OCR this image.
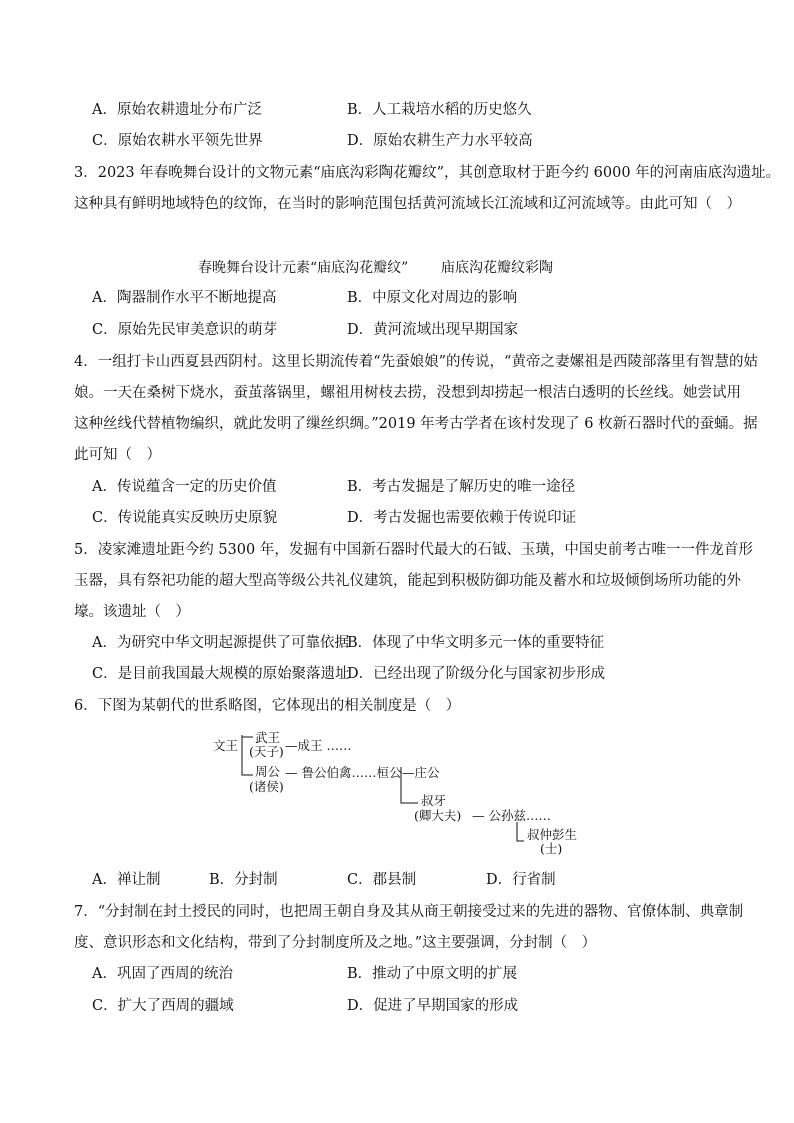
A．原始农耕遗址分布广泛	B．人工栽培水稻的历史悠久
C．原始农耕水平领先世界	D．原始农耕生产力水平较高
3．2023 年春晚舞台设计的文物元素“庙底沟彩陶花瓣纹”，其创意取材于距今约 6000 年的河南庙底沟遗址。
这种具有鲜明地域特色的纹饰，在当时的影响范围包括黄河流域长江流域和辽河流域等。由此可知（　）
春晚舞台设计元素“庙底沟花瓣纹” 庙底沟花瓣纹彩陶
A．陶器制作水平不断地提高	B．中原文化对周边的影响
C．原始先民审美意识的萌芽	D．黄河流域出现早期国家
4．一组打卡山西夏县西阴村。这里长期流传着“先蚕娘娘”的传说，“黄帝之妻嫘祖是西陵部落里有智慧的姑
娘。一天在桑树下烧水，蚕茧落锅里，螺祖用树枝去捞，没想到却捞起一根洁白透明的长丝线。她尝试用
这种丝线代替植物编织，就此发明了缫丝织绸。”2019 年考古学者在该村发现了 6 枚新石器时代的蚕蛹。据
此可知（　）
A．传说蕴含一定的历史价值	B．考古发掘是了解历史的唯一途径
C．传说能真实反映历史原貌	D．考古发掘也需要依赖于传说印证
5．凌家滩遗址距今约 5300 年，发掘有中国新石器时代最大的石钺、玉璜，中国史前考古唯一一件龙首形
玉器，具有祭祀功能的超大型高等级公共礼仪建筑，能起到积极防御功能及蓄水和垃圾倾倒场所功能的外
壕。该遗址（　）
A．为研究中华文明起源提供了可靠依据
B．体现了中华文明多元一体的重要特征
C．是目前我国最大规模的原始聚落遗址
D．已经出现了阶级分化与国家初步形成
6．下图为某朝代的世系略图，它体现出的相关制度是（　）
文王
武王
(天子) —成王 ……
周公
(诸侯)
— 鲁公伯禽……桓公 —庄公
叔牙
(卿大夫) — 公孙兹……
叔仲彭生
(士)
A．禅让制	B．分封制	C．郡县制	D．行省制
7．“分封制在封土授民的同时，也把周王朝自身及其从商王朝接受过来的先进的器物、官僚体制、典章制
度、意识形态和文化结构，带到了分封制度所及之地。”这主要强调，分封制（　）
A．巩固了西周的统治	B．推动了中原文明的扩展
C．扩大了西周的疆域	D．促进了早期国家的形成
